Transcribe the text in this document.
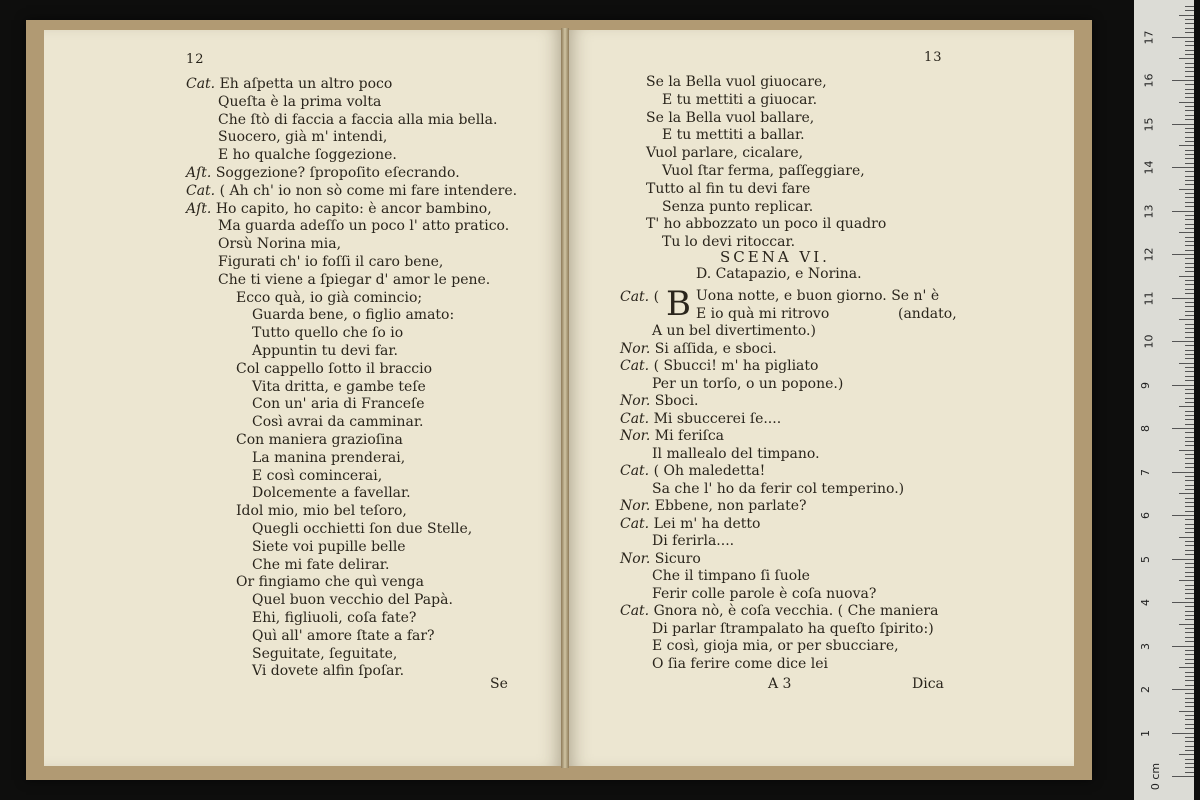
12	13
Cat. Eh aſpetta un altro poco
Queſta è la prima volta
Che ſtò di faccia a faccia alla mia bella.
Suocero, già m' intendi,
E ho qualche ſoggezione.
Aſt. Soggezione? ſpropoſito eſecrando.
Cat. ( Ah ch' io non sò come mi fare intendere.
Aſt. Ho capito, ho capito: è ancor bambino,
Ma guarda adeſſo un poco l' atto pratico.
Orsù Norina mia,
Figurati ch' io foſſi il caro bene,
Che ti viene a ſpiegar d' amor le pene.
Ecco quà, io già comincio;
Guarda bene, o figlio amato:
Tutto quello che ſo io
Appuntin tu devi far.
Col cappello ſotto il braccio
Vita dritta, e gambe teſe
Con un' aria di Franceſe
Così avrai da camminar.
Con maniera grazioſina
La manina prenderai,
E così comincerai,
Dolcemente a favellar.
Idol mio, mio bel teſoro,
Quegli occhietti ſon due Stelle,
Siete voi pupille belle
Che mi fate delirar.
Or fingiamo che quì venga
Quel buon vecchio del Papà.
Ehi, figliuoli, coſa fate?
Quì all' amore ſtate a far?
Seguitate, ſeguitate,
Vi dovete alfin ſpoſar.
Se la Bella vuol giuocare,
E tu mettiti a giuocar.
Se la Bella vuol ballare,
E tu mettiti a ballar.
Vuol parlare, cicalare,
Vuol ſtar ferma, paſſeggiare,
Tutto al fin tu devi fare
Senza punto replicar.
T' ho abbozzato un poco il quadro
Tu lo devi ritoccar.
A un bel divertimento.)
Nor. Si aſſida, e sboci.
Cat. ( Sbucci! m' ha pigliato
Per un torſo, o un popone.)
Nor. Sboci.
Cat. Mi sbuccerei ſe....
Nor. Mi feriſca
Il mallealo del timpano.
Cat. ( Oh maledetta!
Sa che l' ho da ferir col temperino.)
Nor. Ebbene, non parlate?
Cat. Lei m' ha detto
Di ferirla....
Nor. Sicuro
Che il timpano ſi ſuole
Ferir colle parole è coſa nuova?
Cat. Gnora nò, è coſa vecchia. ( Che maniera
Di parlar ſtrampalato ha queſto ſpirito:)
E così, gioja mia, or per sbucciare,
O ſia ferire come dice lei
SCENA VI.
D. Catapazio, e Norina.
Cat. ( B Uona notte, e buon giorno. Se n' è
E io quà mi ritrovo	(andato,
Se	A 3	Dica
0 cm
1
2
3
4
5
6
7
8
9
10
11
12
13
14
15
16
17
